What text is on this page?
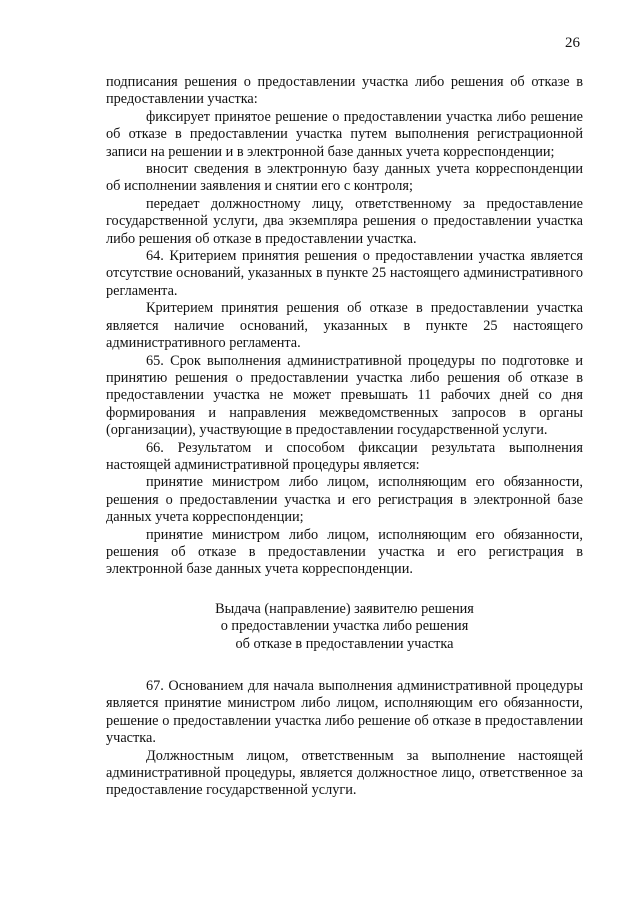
26

подписания решения о предоставлении участка либо решения об отказе в предоставлении участка:

фиксирует принятое решение о предоставлении участка либо решение об отказе в предоставлении участка путем выполнения регистрационной записи на решении и в электронной базе данных учета корреспонденции;

вносит сведения в электронную базу данных учета корреспонденции об исполнении заявления и снятии его с контроля;

передает должностному лицу, ответственному за предоставление государственной услуги, два экземпляра решения о предоставлении участка либо решения об отказе в предоставлении участка.

64. Критерием принятия решения о предоставлении участка является отсутствие оснований, указанных в пункте 25 настоящего административного регламента.

Критерием принятия решения об отказе в предоставлении участка является наличие оснований, указанных в пункте 25 настоящего административного регламента.

65. Срок выполнения административной процедуры по подготовке и принятию решения о предоставлении участка либо решения об отказе в предоставлении участка не может превышать 11 рабочих дней со дня формирования и направления межведомственных запросов в органы (организации), участвующие в предоставлении государственной услуги.

66. Результатом и способом фиксации результата выполнения настоящей административной процедуры является:

принятие министром либо лицом, исполняющим его обязанности, решения о предоставлении участка и его регистрация в электронной базе данных учета корреспонденции;

принятие министром либо лицом, исполняющим его обязанности, решения об отказе в предоставлении участка и его регистрация в электронной базе данных учета корреспонденции.

Выдача (направление) заявителю решения
о предоставлении участка либо решения
об отказе в предоставлении участка

67. Основанием для начала выполнения административной процедуры является принятие министром либо лицом, исполняющим его обязанности, решение о предоставлении участка либо решение об отказе в предоставлении участка.

Должностным лицом, ответственным за выполнение настоящей административной процедуры, является должностное лицо, ответственное за предоставление государственной услуги.
